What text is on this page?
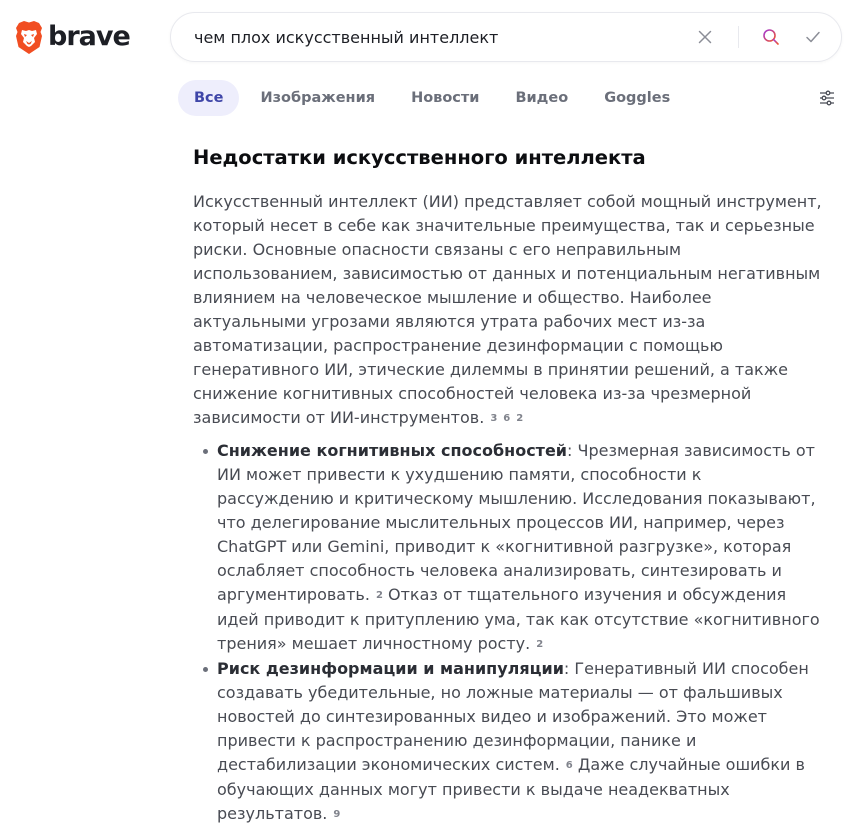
brave
чем плох искусственный интеллект
Все	Изображения	Новости	Видео	Goggles
Недостатки искусственного интеллекта

Искусственный интеллект (ИИ) представляет собой мощный инструмент, который несет в себе как значительные преимущества, так и серьезные риски. Основные опасности связаны с его неправильным использованием, зависимостью от данных и потенциальным негативным влиянием на человеческое мышление и общество. Наиболее актуальными угрозами являются утрата рабочих мест из-за автоматизации, распространение дезинформации с помощью генеративного ИИ, этические дилеммы в принятии решений, а также снижение когнитивных способностей человека из-за чрезмерной зависимости от ИИ-инструментов. 3 6 2

Снижение когнитивных способностей: Чрезмерная зависимость от ИИ может привести к ухудшению памяти, способности к рассуждению и критическому мышлению. Исследования показывают, что делегирование мыслительных процессов ИИ, например, через ChatGPT или Gemini, приводит к «когнитивной разгрузке», которая ослабляет способность человека анализировать, синтезировать и аргументировать. 2 Отказ от тщательного изучения и обсуждения идей приводит к притуплению ума, так как отсутствие «когнитивного трения» мешает личностному росту. 2
Риск дезинформации и манипуляции: Генеративный ИИ способен создавать убедительные, но ложные материалы — от фальшивых новостей до синтезированных видео и изображений. Это может привести к распространению дезинформации, панике и дестабилизации экономических систем. 6 Даже случайные ошибки в обучающих данных могут привести к выдаче неадекватных результатов. 9
